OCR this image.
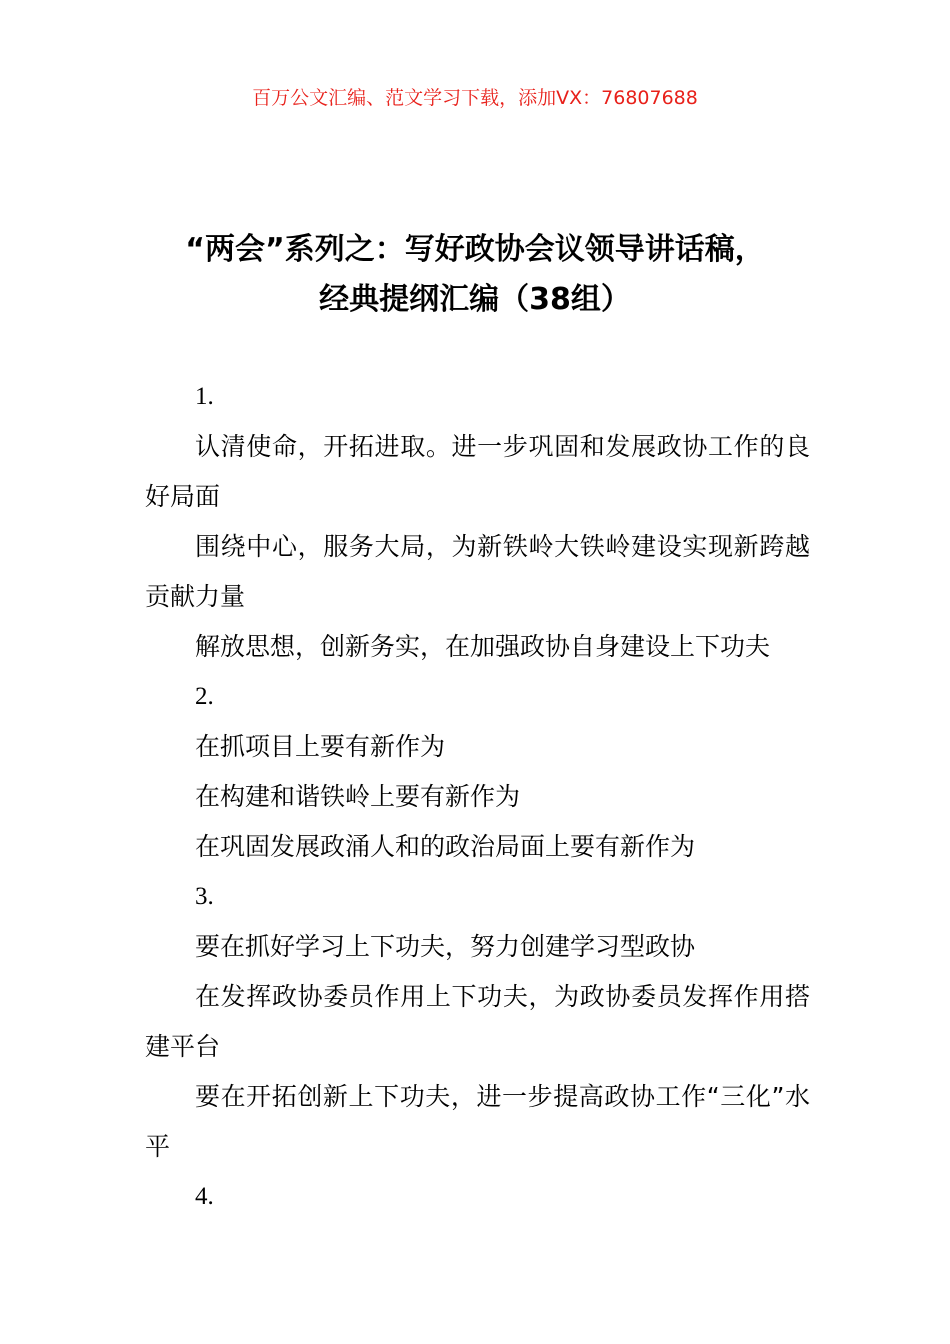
百万公文汇编、范文学习下载，添加VX：76807688
“两会”系列之：写好政协会议领导讲话稿，
经典提纲汇编（38组）
1.
认清使命，开拓进取。进一步巩固和发展政协工作的良好局面
围绕中心，服务大局，为新铁岭大铁岭建设实现新跨越贡献力量
解放思想，创新务实，在加强政协自身建设上下功夫
2.
在抓项目上要有新作为
在构建和谐铁岭上要有新作为
在巩固发展政涌人和的政治局面上要有新作为
3.
要在抓好学习上下功夫，努力创建学习型政协
在发挥政协委员作用上下功夫，为政协委员发挥作用搭建平台
要在开拓创新上下功夫，进一步提高政协工作“三化”水平
4.
